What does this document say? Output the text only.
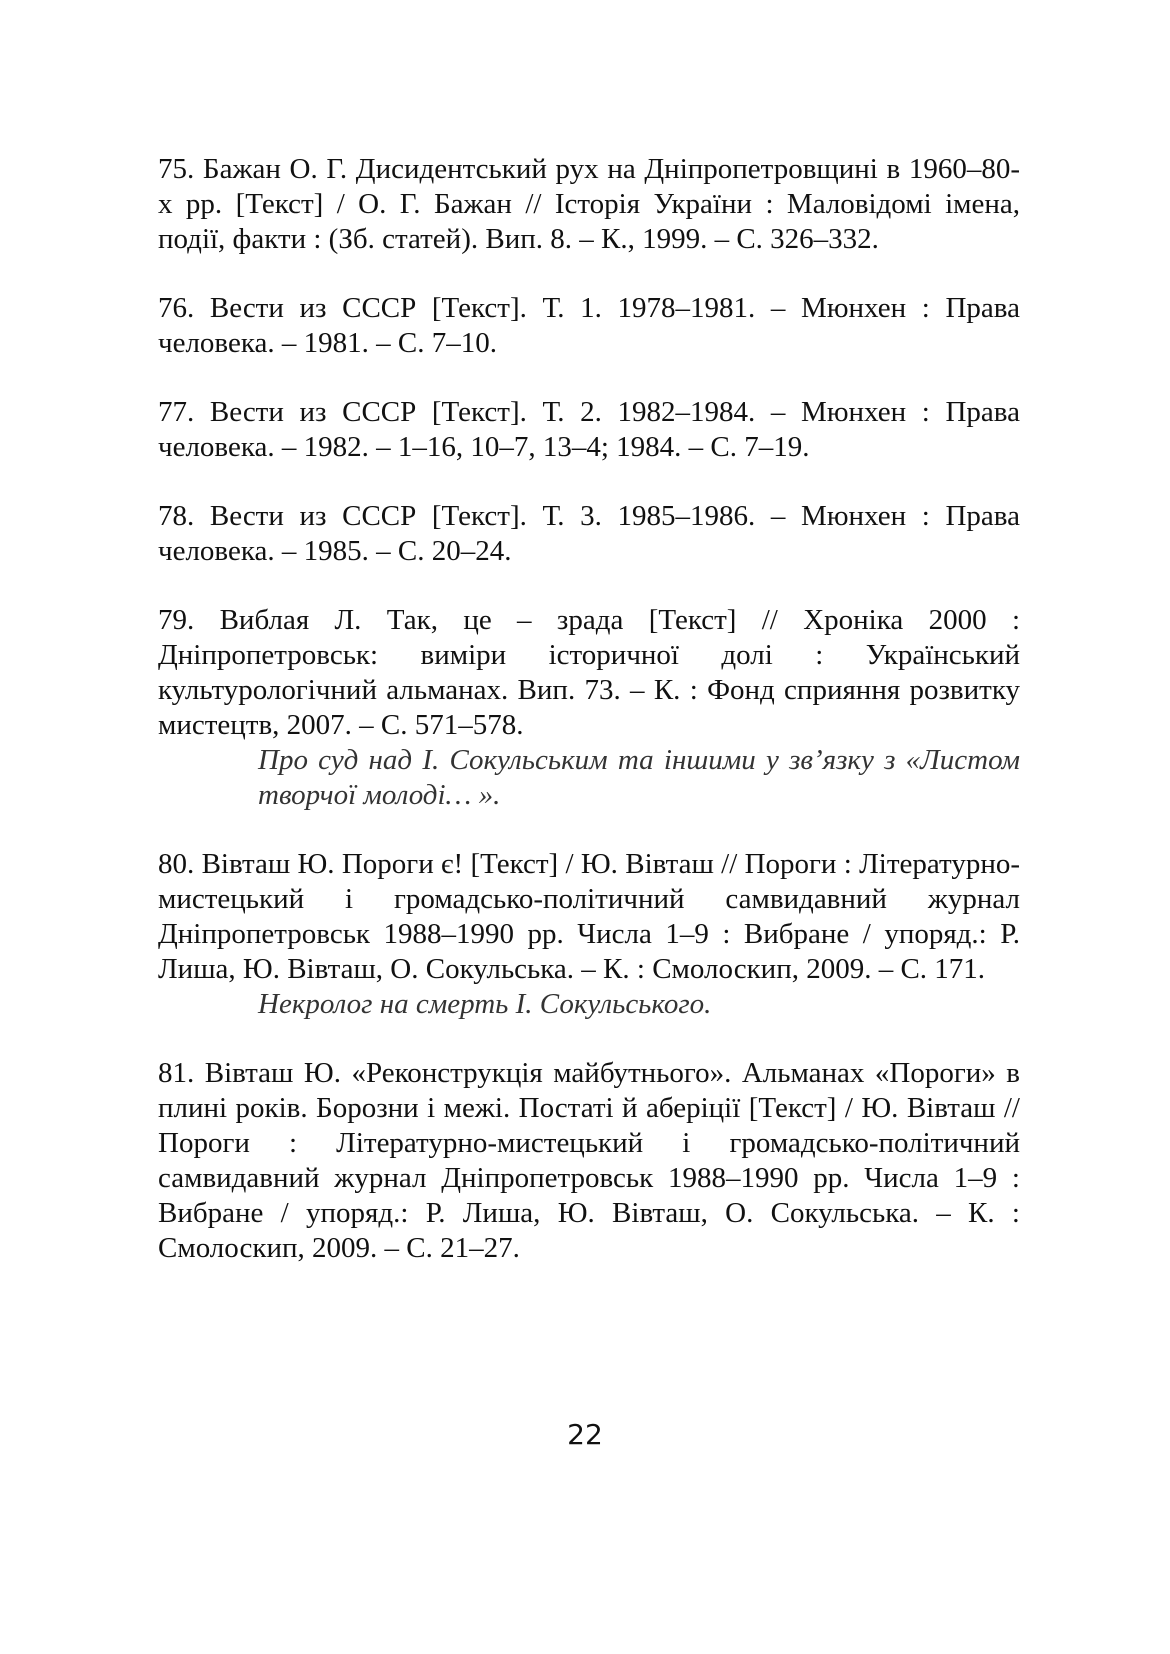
75. Бажан О. Г. Дисидентський рух на Дніпропетровщині в 1960–80-х рр. [Текст] / О. Г. Бажан // Історія України : Маловідомі імена, події, факти : (Зб. статей). Вип. 8. – К., 1999. – С. 326–332.

76. Вести из СССР [Текст]. Т. 1. 1978–1981. – Мюнхен : Права человека. – 1981. – С. 7–10.

77. Вести из СССР [Текст]. Т. 2. 1982–1984. – Мюнхен : Права человека. – 1982. – 1–16, 10–7, 13–4; 1984. – С. 7–19.

78. Вести из СССР [Текст]. Т. 3. 1985–1986. – Мюнхен : Права человека. – 1985. – С. 20–24.

79. Виблая Л. Так, це – зрада [Текст] // Хроніка 2000 : Дніпропетровськ: виміри історичної долі : Український культурологічний альманах. Вип. 73. – К. : Фонд сприяння розвитку мистецтв, 2007. – С. 571–578.

Про суд над І. Сокульським та іншими у зв’язку з «Листом творчої молоді… ».

80. Вівташ Ю. Пороги є! [Текст] / Ю. Вівташ // Пороги : Літературно-мистецький і громадсько-політичний самвидавний журнал Дніпропетровськ 1988–1990 рр. Числа 1–9 : Вибране / упоряд.: Р. Лиша, Ю. Вівташ, О. Сокульська. – К. : Смолоскип, 2009. – С. 171.

Некролог на смерть І. Сокульського.

81. Вівташ Ю. «Реконструкція майбутнього». Альманах «Пороги» в плині років. Борозни і межі. Постаті й аберіції [Текст] / Ю. Вівташ // Пороги : Літературно-мистецький і громадсько-політичний самвидавний журнал Дніпропетровськ 1988–1990 рр. Числа 1–9 : Вибране / упоряд.: Р. Лиша, Ю. Вівташ, О. Сокульська. – К. : Смолоскип, 2009. – С. 21–27.

22
